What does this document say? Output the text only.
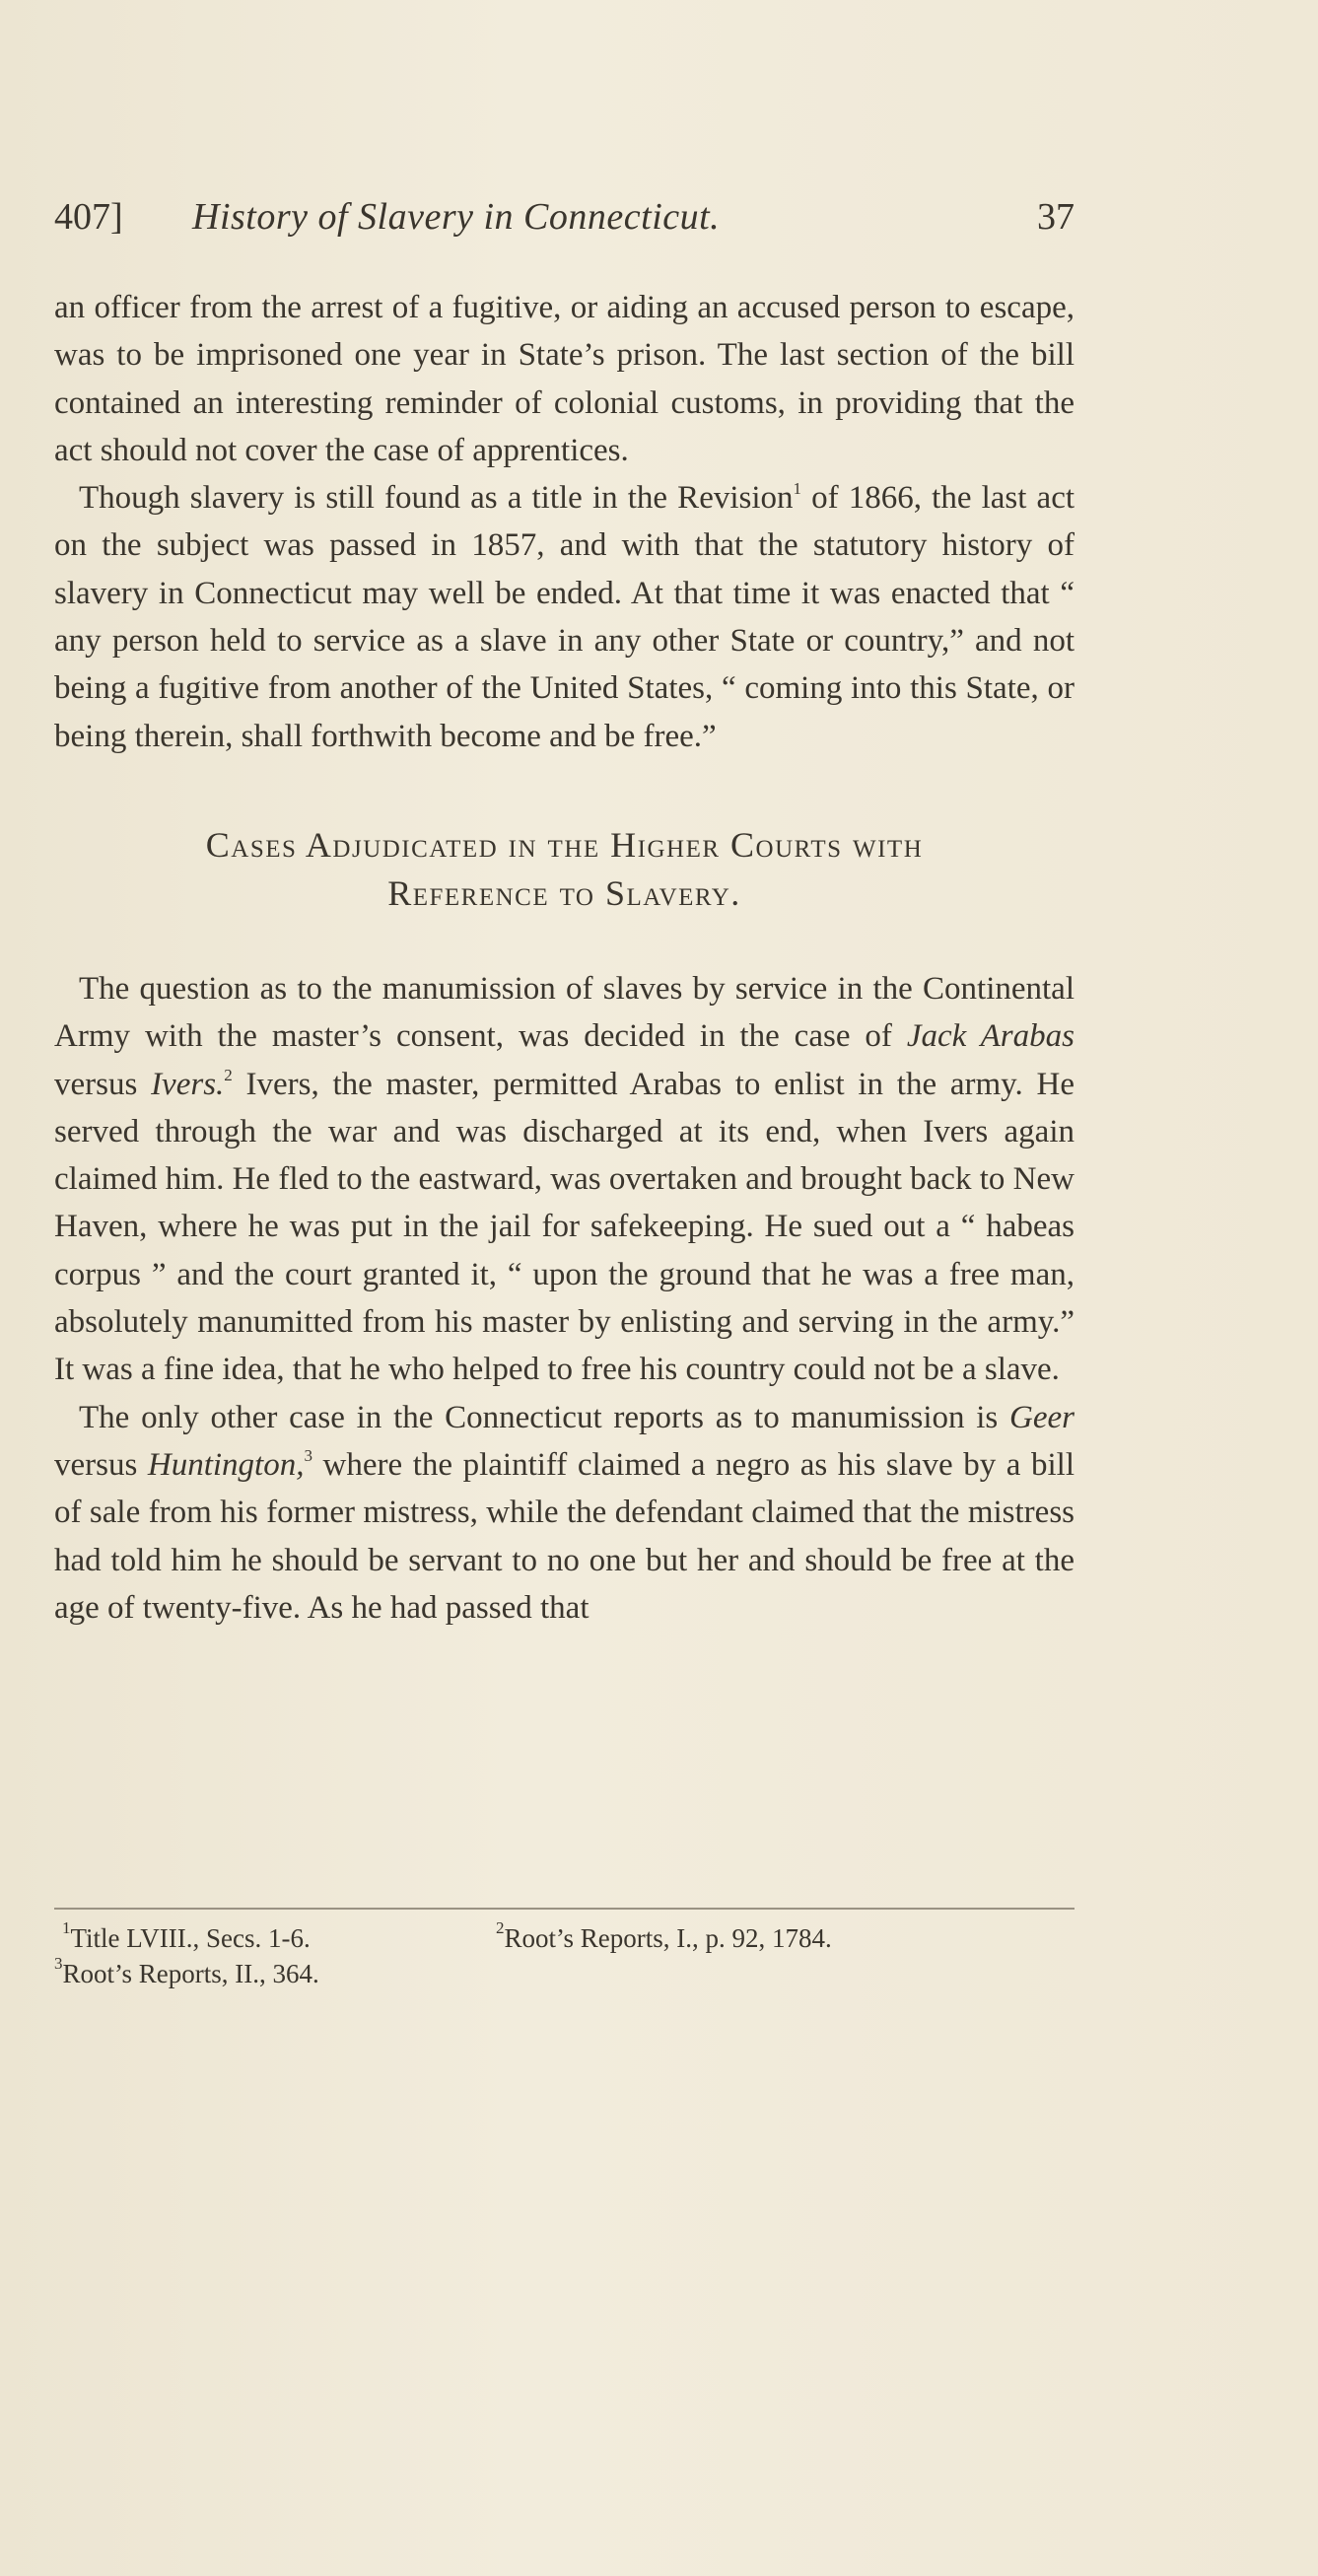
407] History of Slavery in Connecticut.	37

an officer from the arrest of a fugitive, or aiding an accused person to escape, was to be imprisoned one year in State’s prison. The last section of the bill contained an interesting reminder of colonial customs, in providing that the act should not cover the case of apprentices.

Though slavery is still found as a title in the Revision$^1$ of 1866, the last act on the subject was passed in 1857, and with that the statutory history of slavery in Connecticut may well be ended. At that time it was enacted that “ any person held to service as a slave in any other State or country,” and not being a fugitive from another of the United States, “ coming into this State, or being therein, shall forthwith become and be free.”

Cases Adjudicated in the Higher Courts with
Reference to Slavery.

The question as to the manumission of slaves by service in the Continental Army with the master’s consent, was decided in the case of Jack Arabas versus Ivers.$^2$ Ivers, the master, permitted Arabas to enlist in the army. He served through the war and was discharged at its end, when Ivers again claimed him. He fled to the eastward, was overtaken and brought back to New Haven, where he was put in the jail for safekeeping. He sued out a “ habeas corpus ” and the court granted it, “ upon the ground that he was a free man, absolutely manumitted from his master by enlisting and serving in the army.” It was a fine idea, that he who helped to free his country could not be a slave.

The only other case in the Connecticut reports as to manumission is Geer versus Huntington,$^3$ where the plaintiff claimed a negro as his slave by a bill of sale from his former mistress, while the defendant claimed that the mistress had told him he should be servant to no one but her and should be free at the age of twenty-five. As he had passed that

$^1$Title LVIII., Secs. 1-6.	$^2$Root’s Reports, I., p. 92, 1784.
$^3$Root’s Reports, II., 364.
